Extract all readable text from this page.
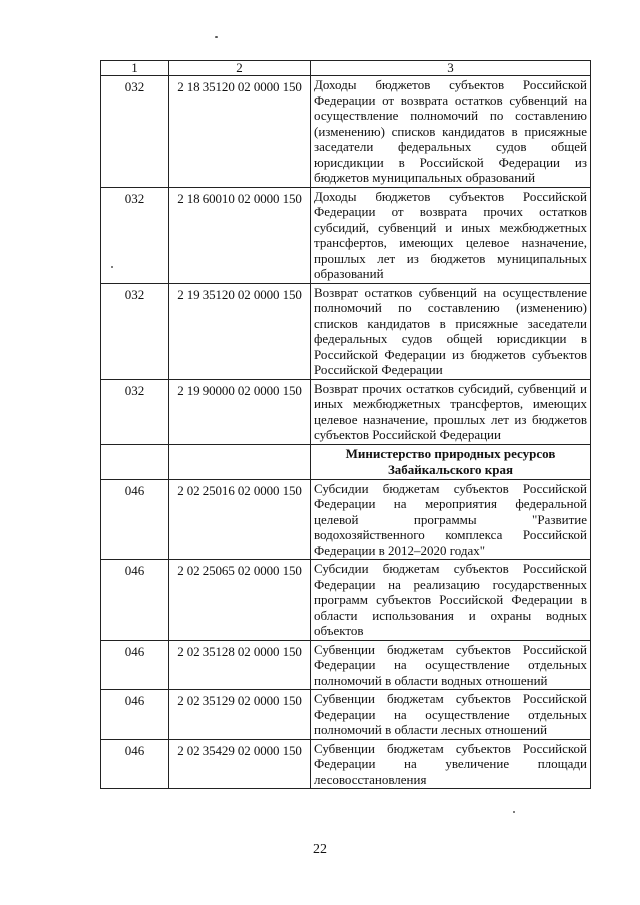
1	2	3
032	2 18 35120 02 0000 150	Доходы бюджетов субъектов Российской Федерации от возврата остатков субвенций на осуществление полномочий по составлению (изменению) списков кандидатов в присяжные заседатели федеральных судов общей юрисдикции в Российской Федерации из бюджетов муниципальных образований
032	2 18 60010 02 0000 150	Доходы бюджетов субъектов Российской Федерации от возврата прочих остатков субсидий, субвенций и иных межбюджетных трансфертов, имеющих целевое назначение, прошлых лет из бюджетов муниципальных образований
032	2 19 35120 02 0000 150	Возврат остатков субвенций на осуществление полномочий по составлению (изменению) списков кандидатов в присяжные заседатели федеральных судов общей юрисдикции в Российской Федерации из бюджетов субъектов Российской Федерации
032	2 19 90000 02 0000 150	Возврат прочих остатков субсидий, субвенций и иных межбюджетных трансфертов, имеющих целевое назначение, прошлых лет из бюджетов субъектов Российской Федерации
		Министерство природных ресурсов Забайкальского края
046	2 02 25016 02 0000 150	Субсидии бюджетам субъектов Российской Федерации на мероприятия федеральной целевой программы "Развитие водохозяйственного комплекса Российской Федерации в 2012–2020 годах"
046	2 02 25065 02 0000 150	Субсидии бюджетам субъектов Российской Федерации на реализацию государственных программ субъектов Российской Федерации в области использования и охраны водных объектов
046	2 02 35128 02 0000 150	Субвенции бюджетам субъектов Российской Федерации на осуществление отдельных полномочий в области водных отношений
046	2 02 35129 02 0000 150	Субвенции бюджетам субъектов Российской Федерации на осуществление отдельных полномочий в области лесных отношений
046	2 02 35429 02 0000 150	Субвенции бюджетам субъектов Российской Федерации на увеличение площади лесовосстановления
22
